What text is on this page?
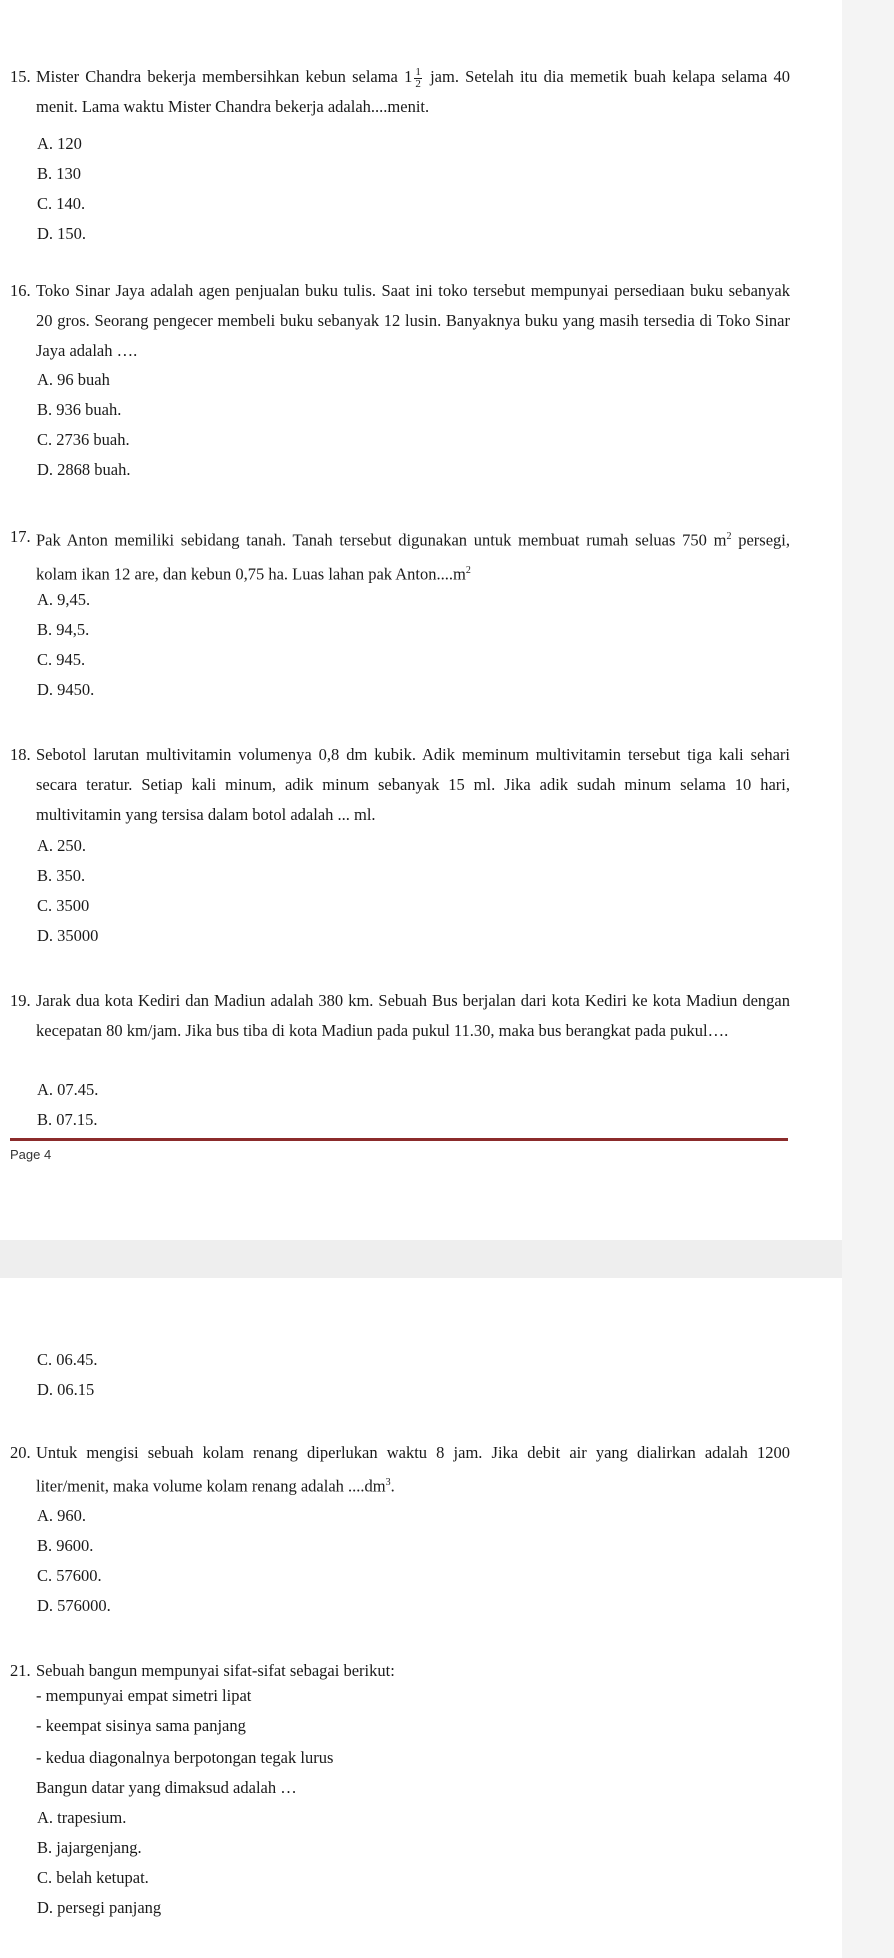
15. Mister Chandra bekerja membersihkan kebun selama $1 \frac{1}{2}$ jam. Setelah itu dia memetik buah kelapa selama 40 menit. Lama waktu Mister Chandra bekerja adalah....menit.
A. 120
B. 130
C. 140.
D. 150.
16. Toko Sinar Jaya adalah agen penjualan buku tulis. Saat ini toko tersebut mempunyai persediaan buku sebanyak 20 gros. Seorang pengecer membeli buku sebanyak 12 lusin. Banyaknya buku yang masih tersedia di Toko Sinar Jaya adalah ….
A. 96 buah
B. 936 buah.
C. 2736 buah.
D. 2868 buah.
17. Pak Anton memiliki sebidang tanah. Tanah tersebut digunakan untuk membuat rumah seluas 750 $m^2$ persegi, kolam ikan 12 are, dan kebun 0,75 ha. Luas lahan pak $Anton....m^2$
A. 9,45.
B. 94,5.
C. 945.
D. 9450.
18. Sebotol larutan multivitamin volumenya 0,8 dm kubik. Adik meminum multivitamin tersebut tiga kali sehari secara teratur. Setiap kali minum, adik minum sebanyak 15 ml. Jika adik sudah minum selama 10 hari, multivitamin yang tersisa dalam botol adalah ... ml.
A. 250.
B. 350.
C. 3500
D. 35000
19. Jarak dua kota Kediri dan Madiun adalah 380 km. Sebuah Bus berjalan dari kota Kediri ke kota Madiun dengan kecepatan 80 km/jam. Jika bus tiba di kota Madiun pada pukul 11.30, maka bus berangkat pada pukul….
A. 07.45.
B. 07.15.
Page 4
C. 06.45.
D. 06.15
20. Untuk mengisi sebuah kolam renang diperlukan waktu 8 jam. Jika debit air yang dialirkan adalah 1200 liter/menit, maka volume kolam renang adalah $....dm^3$.
A. 960.
B. 9600.
C. 57600.
D. 576000.
21. Sebuah bangun mempunyai sifat-sifat sebagai berikut:
- mempunyai empat simetri lipat
- keempat sisinya sama panjang
- kedua diagonalnya berpotongan tegak lurus
Bangun datar yang dimaksud adalah …
A. trapesium.
B. jajargenjang.
C. belah ketupat.
D. persegi panjang
